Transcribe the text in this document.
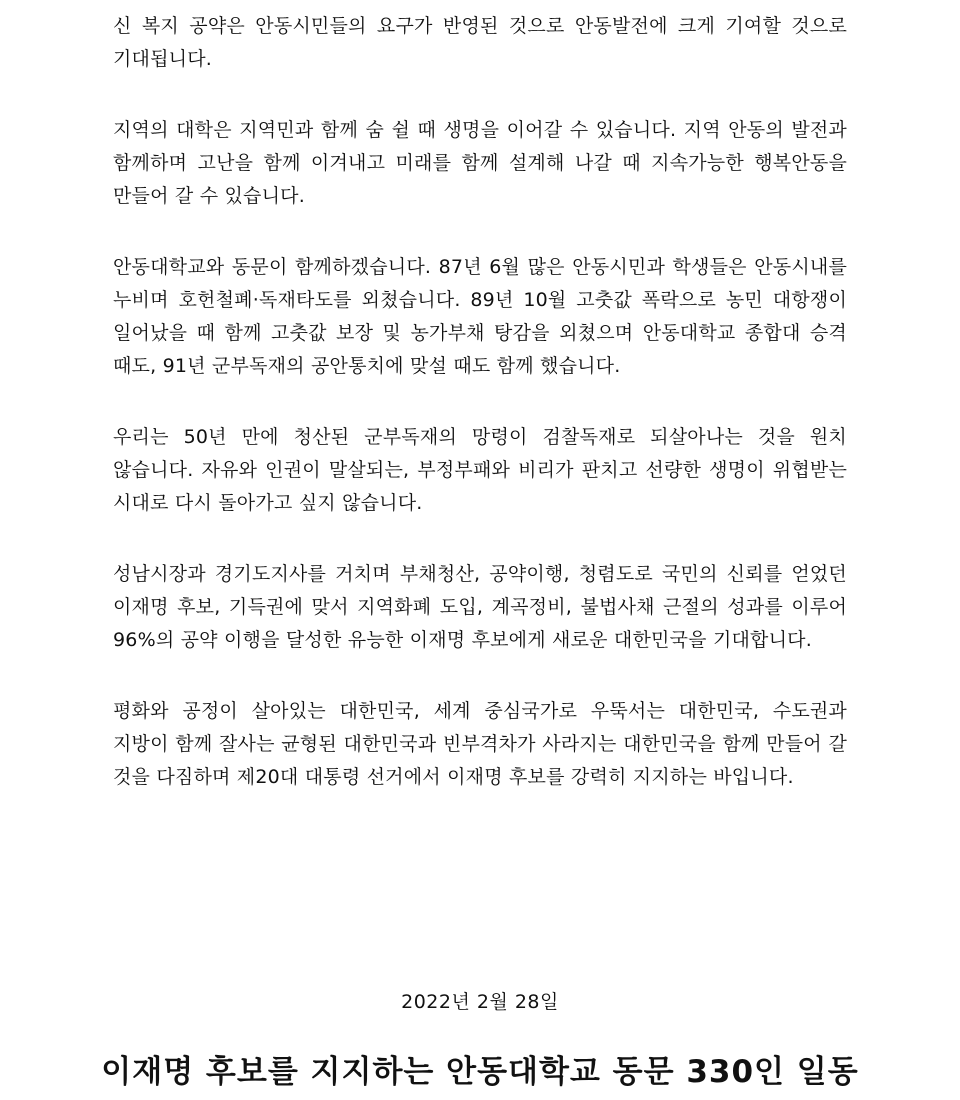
신 복지 공약은 안동시민들의 요구가 반영된 것으로 안동발전에 크게 기여할 것으로 기대됩니다.

지역의 대학은 지역민과 함께 숨 쉴 때 생명을 이어갈 수 있습니다. 지역 안동의 발전과 함께하며 고난을 함께 이겨내고 미래를 함께 설계해 나갈 때 지속가능한 행복안동을 만들어 갈 수 있습니다.

안동대학교와 동문이 함께하겠습니다. 87년 6월 많은 안동시민과 학생들은 안동시내를 누비며 호헌철폐·독재타도를 외쳤습니다. 89년 10월 고춧값 폭락으로 농민 대항쟁이 일어났을 때 함께 고춧값 보장 및 농가부채 탕감을 외쳤으며 안동대학교 종합대 승격 때도, 91년 군부독재의 공안통치에 맞설 때도 함께 했습니다.

우리는 50년 만에 청산된 군부독재의 망령이 검찰독재로 되살아나는 것을 원치 않습니다. 자유와 인권이 말살되는, 부정부패와 비리가 판치고 선량한 생명이 위협받는 시대로 다시 돌아가고 싶지 않습니다.

성남시장과 경기도지사를 거치며 부채청산, 공약이행, 청렴도로 국민의 신뢰를 얻었던 이재명 후보, 기득권에 맞서 지역화폐 도입, 계곡정비, 불법사채 근절의 성과를 이루어 96%의 공약 이행을 달성한 유능한 이재명 후보에게 새로운 대한민국을 기대합니다.

평화와 공정이 살아있는 대한민국, 세계 중심국가로 우뚝서는 대한민국, 수도권과 지방이 함께 잘사는 균형된 대한민국과 빈부격차가 사라지는 대한민국을 함께 만들어 갈 것을 다짐하며 제20대 대통령 선거에서 이재명 후보를 강력히 지지하는 바입니다.

2022년 2월 28일
이재명 후보를 지지하는 안동대학교 동문 330인 일동
